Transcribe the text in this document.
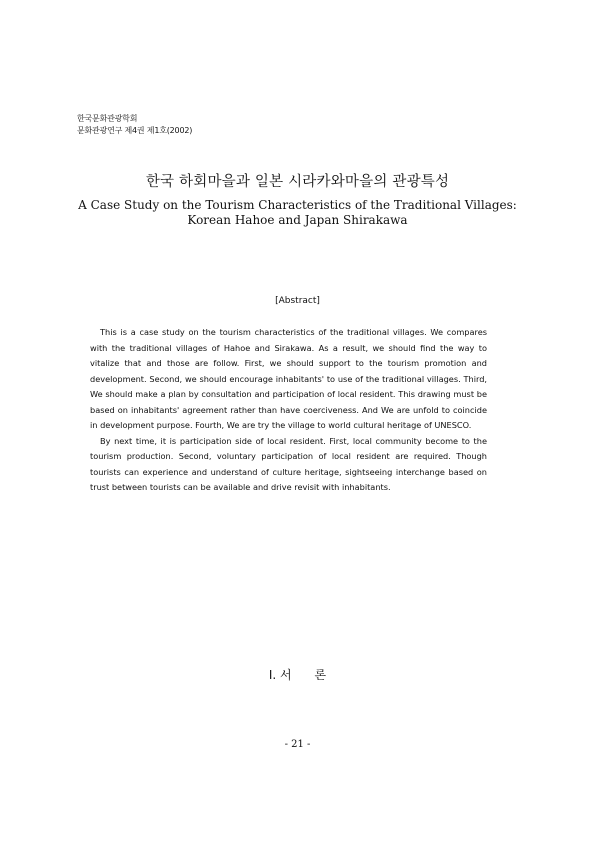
한국문화관광학회
문화관광연구 제4권 제1호(2002)
한국 하회마을과 일본 시라카와마을의 관광특성
A Case Study on the Tourism Characteristics of the Traditional Villages:
Korean Hahoe and Japan Shirakawa
[Abstract]

This is a case study on the tourism characteristics of the traditional villages. We compares with the traditional villages of Hahoe and Sirakawa. As a result, we should find the way to vitalize that and those are follow. First, we should support to the tourism promotion and development. Second, we should encourage inhabitants' to use of the traditional villages. Third, We should make a plan by consultation and participation of local resident. This drawing must be based on inhabitants' agreement rather than have coerciveness. And We are unfold to coincide in development purpose. Fourth, We are try the village to world cultural heritage of UNESCO.

By next time, it is participation side of local resident. First, local community become to the tourism production. Second, voluntary participation of local resident are required. Though tourists can experience and understand of culture heritage, sightseeing interchange based on trust between tourists can be available and drive revisit with inhabitants.

Ⅰ. 서      론
- 21 -
